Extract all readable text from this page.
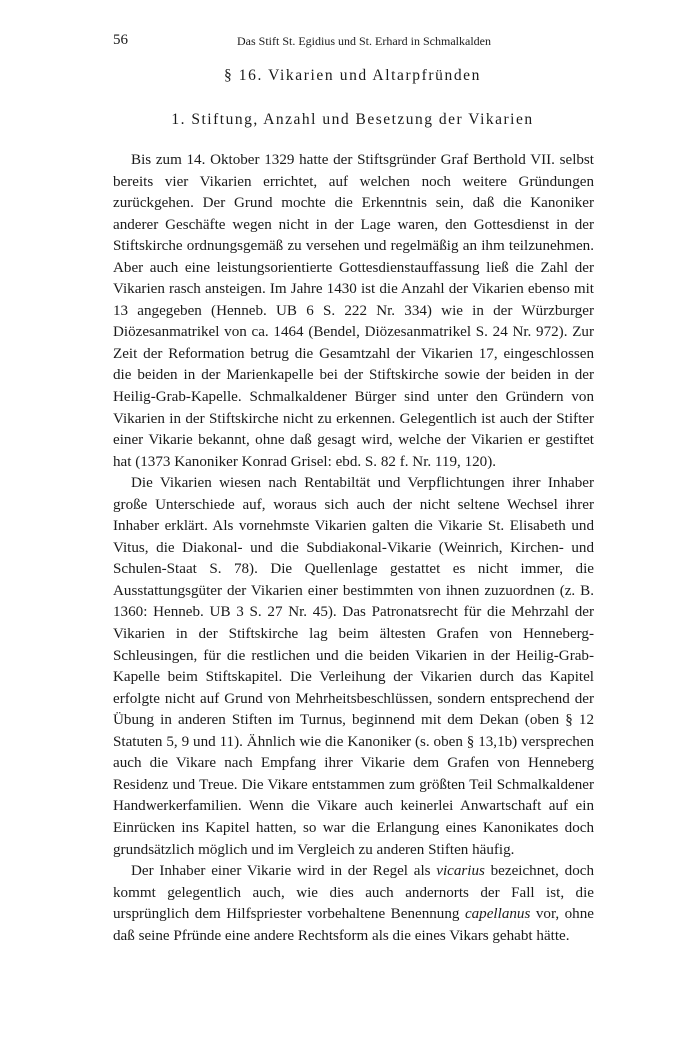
56	Das Stift St. Egidius und St. Erhard in Schmalkalden
§ 16. Vikarien und Altarpfründen
1. Stiftung, Anzahl und Besetzung der Vikarien

Bis zum 14. Oktober 1329 hatte der Stiftsgründer Graf Berthold VII. selbst bereits vier Vikarien errichtet, auf welchen noch weitere Gründungen zurückgehen. Der Grund mochte die Erkenntnis sein, daß die Kanoniker anderer Geschäfte wegen nicht in der Lage waren, den Gottesdienst in der Stiftskirche ordnungsgemäß zu versehen und regelmäßig an ihm teilzunehmen. Aber auch eine leistungsorientierte Gottesdienstauffassung ließ die Zahl der Vikarien rasch ansteigen. Im Jahre 1430 ist die Anzahl der Vikarien ebenso mit 13 angegeben (Henneb. UB 6 S. 222 Nr. 334) wie in der Würzburger Diözesanmatrikel von ca. 1464 (Bendel, Diözesanmatrikel S. 24 Nr. 972). Zur Zeit der Reformation betrug die Gesamtzahl der Vikarien 17, eingeschlossen die beiden in der Marienkapelle bei der Stiftskirche sowie der beiden in der Heilig-Grab-Kapelle. Schmalkaldener Bürger sind unter den Gründern von Vikarien in der Stiftskirche nicht zu erkennen. Gelegentlich ist auch der Stifter einer Vikarie bekannt, ohne daß gesagt wird, welche der Vikarien er gestiftet hat (1373 Kanoniker Konrad Grisel: ebd. S. 82 f. Nr. 119, 120).

Die Vikarien wiesen nach Rentabiltät und Verpflichtungen ihrer Inhaber große Unterschiede auf, woraus sich auch der nicht seltene Wechsel ihrer Inhaber erklärt. Als vornehmste Vikarien galten die Vikarie St. Elisabeth und Vitus, die Diakonal- und die Subdiakonal-Vikarie (Weinrich, Kirchen- und Schulen-Staat S. 78). Die Quellenlage gestattet es nicht immer, die Ausstattungsgüter der Vikarien einer bestimmten von ihnen zuzuordnen (z. B. 1360: Henneb. UB 3 S. 27 Nr. 45). Das Patronatsrecht für die Mehrzahl der Vikarien in der Stiftskirche lag beim ältesten Grafen von Henneberg-Schleusingen, für die restlichen und die beiden Vikarien in der Heilig-Grab-Kapelle beim Stiftskapitel. Die Verleihung der Vikarien durch das Kapitel erfolgte nicht auf Grund von Mehrheitsbeschlüssen, sondern entsprechend der Übung in anderen Stiften im Turnus, beginnend mit dem Dekan (oben § 12 Statuten 5, 9 und 11). Ähnlich wie die Kanoniker (s. oben § 13,1b) versprechen auch die Vikare nach Empfang ihrer Vikarie dem Grafen von Henneberg Residenz und Treue. Die Vikare entstammen zum größten Teil Schmalkaldener Handwerkerfamilien. Wenn die Vikare auch keinerlei Anwartschaft auf ein Einrücken ins Kapitel hatten, so war die Erlangung eines Kanonikates doch grundsätzlich möglich und im Vergleich zu anderen Stiften häufig.

Der Inhaber einer Vikarie wird in der Regel als vicarius bezeichnet, doch kommt gelegentlich auch, wie dies auch andernorts der Fall ist, die ursprünglich dem Hilfspriester vorbehaltene Benennung capellanus vor, ohne daß seine Pfründe eine andere Rechtsform als die eines Vikars gehabt hätte.
